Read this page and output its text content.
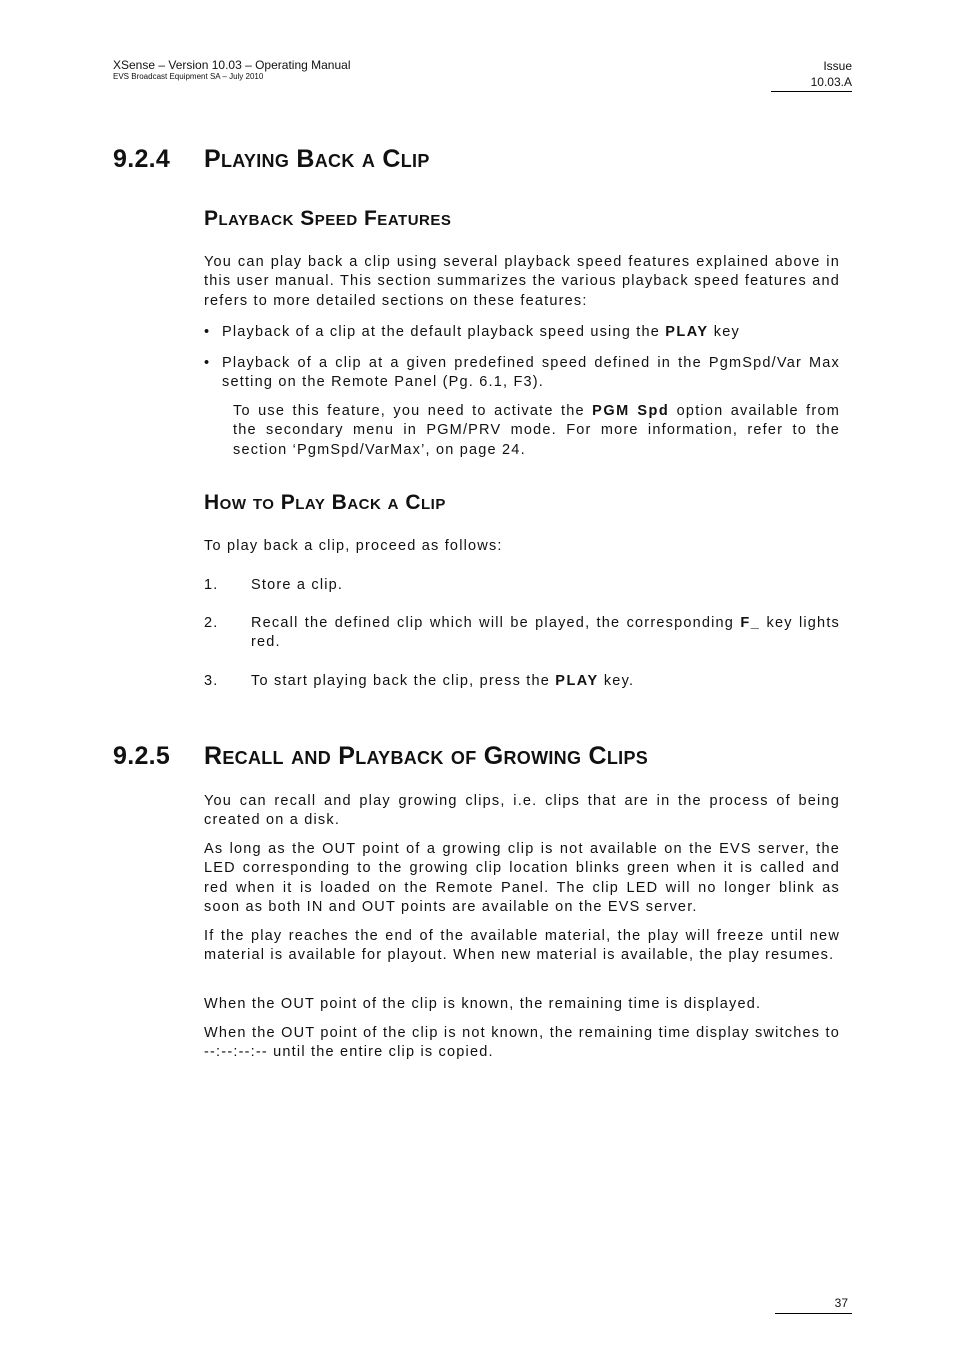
XSense – Version 10.03 – Operating Manual
EVS Broadcast Equipment SA – July 2010
Issue
10.03.A
9.2.4 Playing Back a Clip
Playback Speed Features

You can play back a clip using several playback speed features explained above in this user manual. This section summarizes the various playback speed features and refers to more detailed sections on these features:

• Playback of a clip at the default playback speed using the PLAY key
• Playback of a clip at a given predefined speed defined in the PgmSpd/Var Max setting on the Remote Panel (Pg. 6.1, F3).

To use this feature, you need to activate the PGM Spd option available from the secondary menu in PGM/PRV mode. For more information, refer to the section ‘PgmSpd/VarMax’, on page 24.

How to Play Back a Clip

To play back a clip, proceed as follows:

1. Store a clip.
2. Recall the defined clip which will be played, the corresponding F_ key lights red.
3. To start playing back the clip, press the PLAY key.
9.2.5 Recall and Playback of Growing Clips

You can recall and play growing clips, i.e. clips that are in the process of being created on a disk.

As long as the OUT point of a growing clip is not available on the EVS server, the LED corresponding to the growing clip location blinks green when it is called and red when it is loaded on the Remote Panel. The clip LED will no longer blink as soon as both IN and OUT points are available on the EVS server.

If the play reaches the end of the available material, the play will freeze until new material is available for playout. When new material is available, the play resumes.

When the OUT point of the clip is known, the remaining time is displayed.

When the OUT point of the clip is not known, the remaining time display switches to --:--:--:-- until the entire clip is copied.

37
